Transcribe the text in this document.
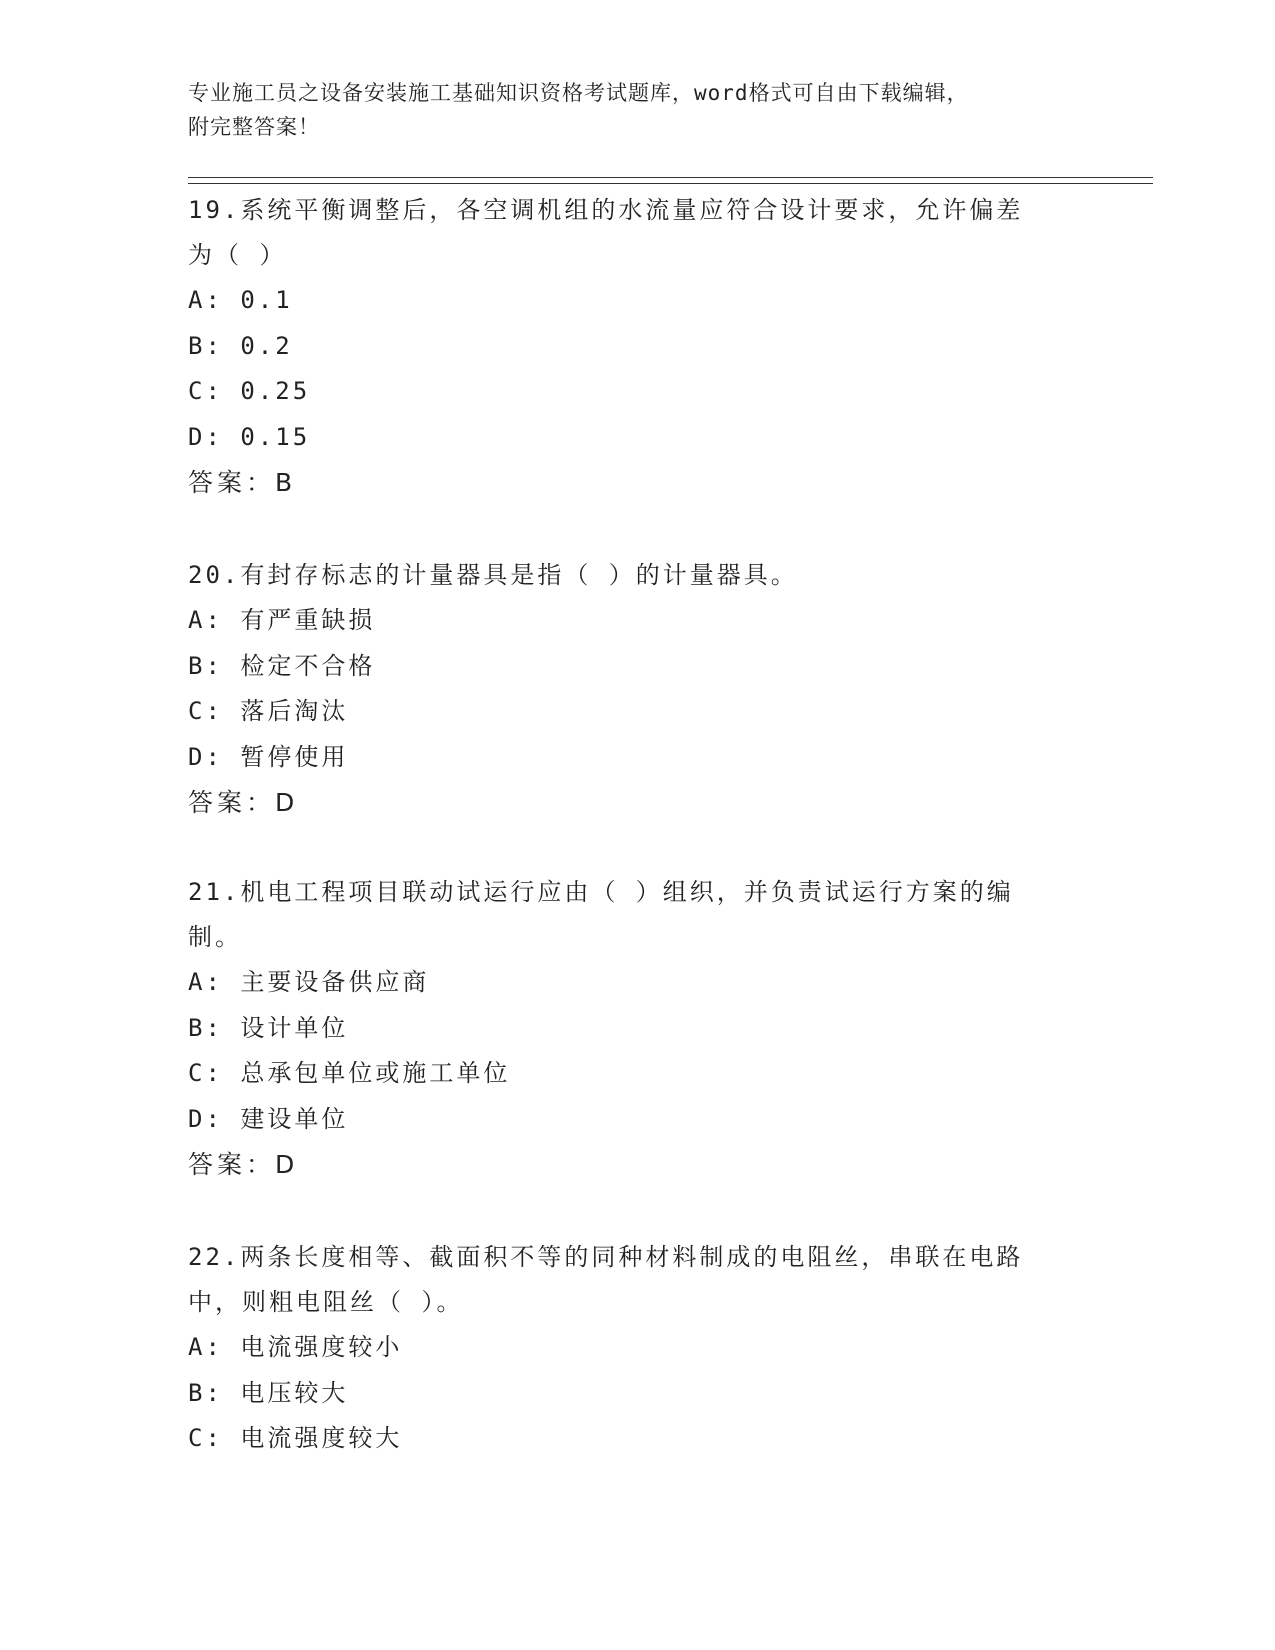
专业施工员之设备安装施工基础知识资格考试题库，word格式可自由下载编辑，
附完整答案！
19.系统平衡调整后，各空调机组的水流量应符合设计要求，允许偏差
为（ ）
A: 0.1
B: 0.2
C: 0.25
D: 0.15
答案：B
20.有封存标志的计量器具是指（ ）的计量器具。
A: 有严重缺损
B: 检定不合格
C: 落后淘汰
D: 暂停使用
答案：D
21.机电工程项目联动试运行应由（ ）组织，并负责试运行方案的编
制。
A: 主要设备供应商
B: 设计单位
C: 总承包单位或施工单位
D: 建设单位
答案：D
22.两条长度相等、截面积不等的同种材料制成的电阻丝，串联在电路
中，则粗电阻丝（ ）。
A: 电流强度较小
B: 电压较大
C: 电流强度较大
